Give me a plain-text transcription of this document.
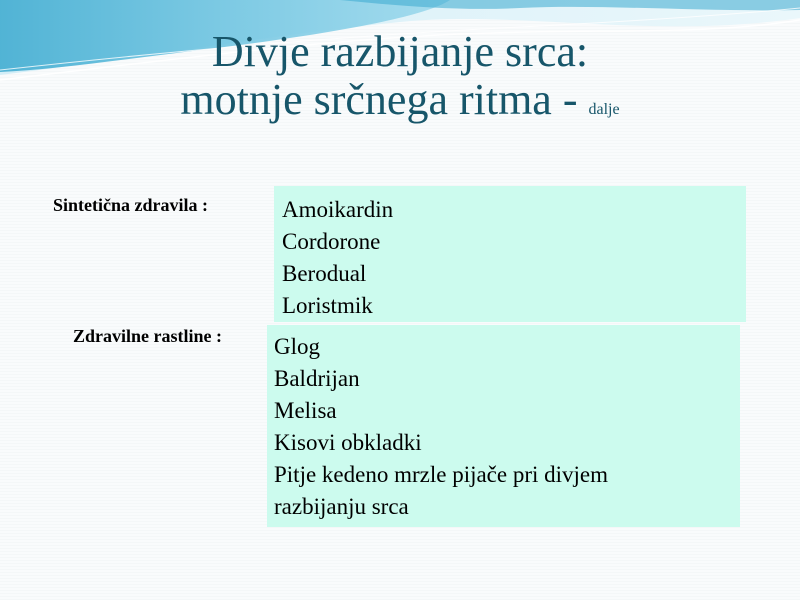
Divje razbijanje srca:
motnje srčnega ritma - dalje
Sintetična zdravila :	Amoikardin
Cordorone
Berodual
Loristmik
Zdravilne rastline : Glog
Baldrijan
Melisa
Kisovi obkladki
Pitje kedeno mrzle pijače pri divjem razbijanju srca
